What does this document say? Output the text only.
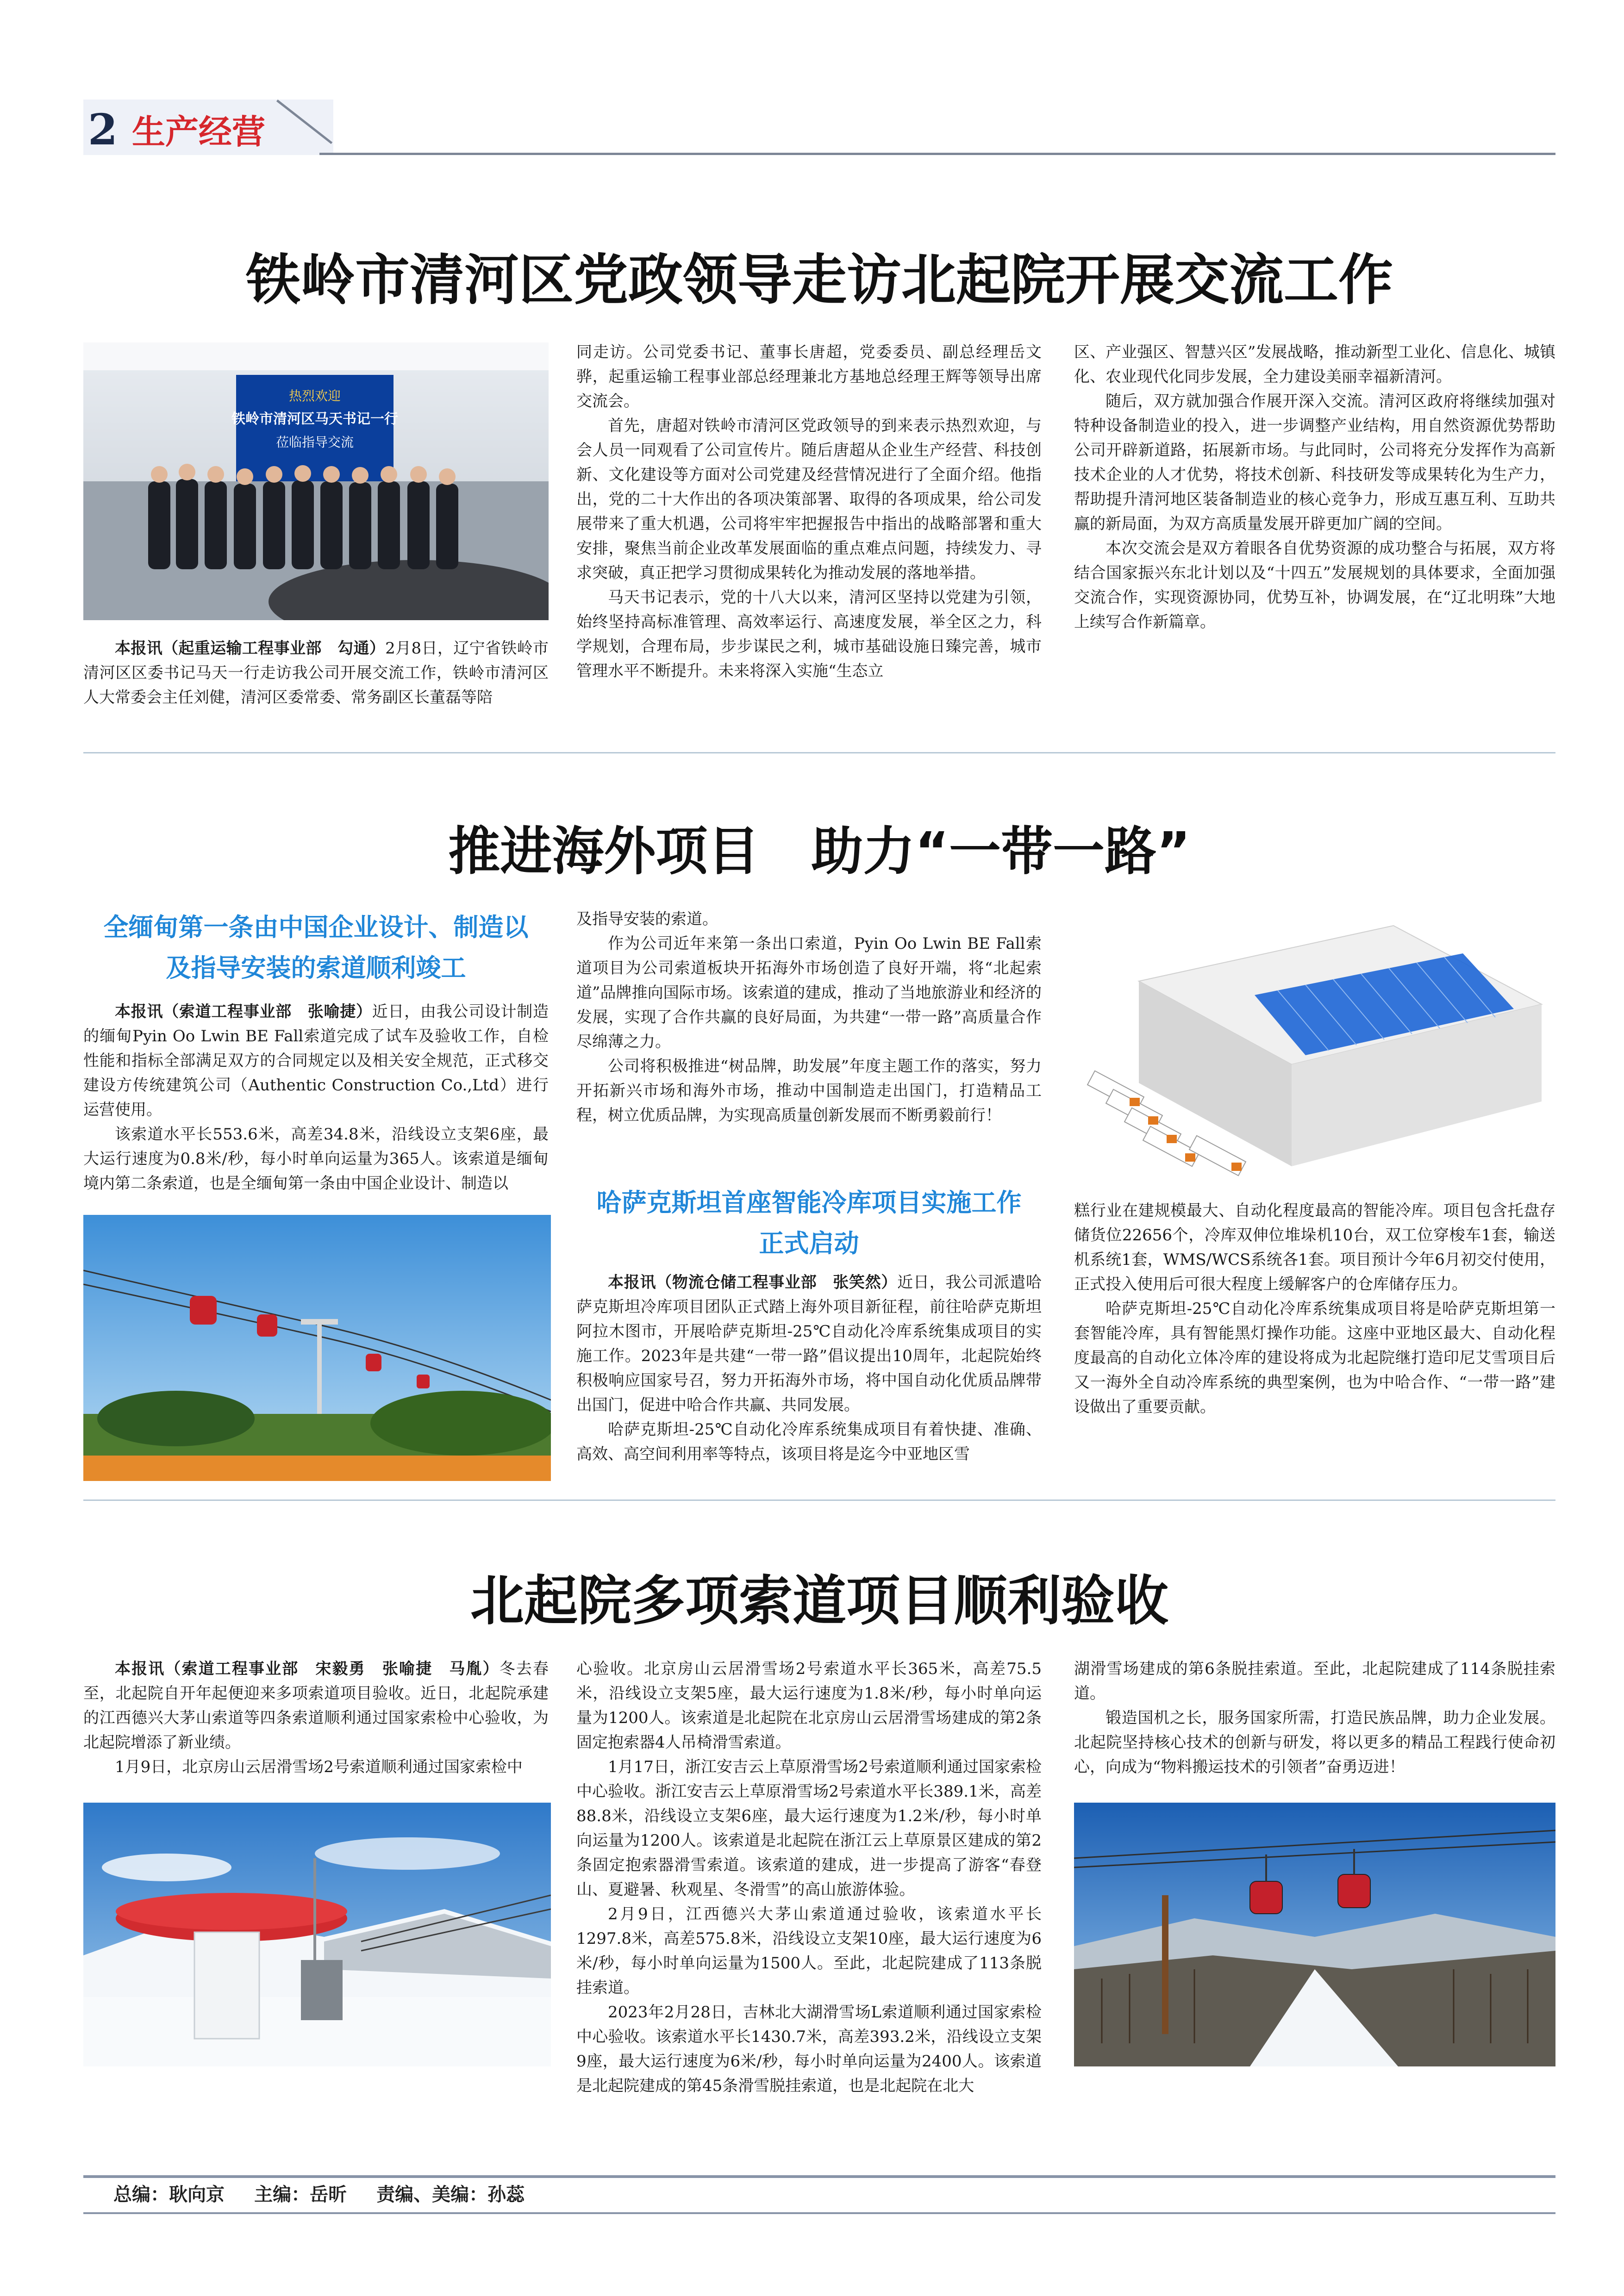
2 生产经营
铁岭市清河区党政领导走访北起院开展交流工作
热烈欢迎
铁岭市清河区马天书记一行
莅临指导交流

本报讯（起重运输工程事业部　勾通）2月8日，辽宁省铁岭市清河区区委书记马天一行走访我公司开展交流工作，铁岭市清河区人大常委会主任刘健，清河区委常委、常务副区长董磊等陪

同走访。公司党委书记、董事长唐超，党委委员、副总经理岳文骅，起重运输工程事业部总经理兼北方基地总经理王辉等领导出席交流会。

首先，唐超对铁岭市清河区党政领导的到来表示热烈欢迎，与会人员一同观看了公司宣传片。随后唐超从企业生产经营、科技创新、文化建设等方面对公司党建及经营情况进行了全面介绍。他指出，党的二十大作出的各项决策部署、取得的各项成果，给公司发展带来了重大机遇，公司将牢牢把握报告中指出的战略部署和重大安排，聚焦当前企业改革发展面临的重点难点问题，持续发力、寻求突破，真正把学习贯彻成果转化为推动发展的落地举措。

马天书记表示，党的十八大以来，清河区坚持以党建为引领，始终坚持高标准管理、高效率运行、高速度发展，举全区之力，科学规划，合理布局，步步谋民之利，城市基础设施日臻完善，城市管理水平不断提升。未来将深入实施“生态立

区、产业强区、智慧兴区”发展战略，推动新型工业化、信息化、城镇化、农业现代化同步发展，全力建设美丽幸福新清河。

随后，双方就加强合作展开深入交流。清河区政府将继续加强对特种设备制造业的投入，进一步调整产业结构，用自然资源优势帮助公司开辟新道路，拓展新市场。与此同时，公司将充分发挥作为高新技术企业的人才优势，将技术创新、科技研发等成果转化为生产力，帮助提升清河地区装备制造业的核心竞争力，形成互惠互利、互助共赢的新局面，为双方高质量发展开辟更加广阔的空间。

本次交流会是双方着眼各自优势资源的成功整合与拓展，双方将结合国家振兴东北计划以及“十四五”发展规划的具体要求，全面加强交流合作，实现资源协同，优势互补，协调发展，在“辽北明珠”大地上续写合作新篇章。

推进海外项目　助力“一带一路”
全缅甸第一条由中国企业设计、制造以
及指导安装的索道顺利竣工

本报讯（索道工程事业部　张喻捷）近日，由我公司设计制造的缅甸Pyin Oo Lwin BE Fall索道完成了试车及验收工作，自检性能和指标全部满足双方的合同规定以及相关安全规范，正式移交建设方传统建筑公司（Authentic Construction Co.,Ltd）进行运营使用。

该索道水平长553.6米，高差34.8米，沿线设立支架6座，最大运行速度为0.8米/秒，每小时单向运量为365人。该索道是缅甸境内第二条索道，也是全缅甸第一条由中国企业设计、制造以

及指导安装的索道。

作为公司近年来第一条出口索道，Pyin Oo Lwin BE Fall索道项目为公司索道板块开拓海外市场创造了良好开端，将“北起索道”品牌推向国际市场。该索道的建成，推动了当地旅游业和经济的发展，实现了合作共赢的良好局面，为共建“一带一路”高质量合作尽绵薄之力。

公司将积极推进“树品牌，助发展”年度主题工作的落实，努力开拓新兴市场和海外市场，推动中国制造走出国门，打造精品工程，树立优质品牌，为实现高质量创新发展而不断勇毅前行！

哈萨克斯坦首座智能冷库项目实施工作
正式启动

本报讯（物流仓储工程事业部　张笑然）近日，我公司派遣哈萨克斯坦冷库项目团队正式踏上海外项目新征程，前往哈萨克斯坦阿拉木图市，开展哈萨克斯坦-25℃自动化冷库系统集成项目的实施工作。2023年是共建“一带一路”倡议提出10周年，北起院始终积极响应国家号召，努力开拓海外市场，将中国自动化优质品牌带出国门，促进中哈合作共赢、共同发展。

哈萨克斯坦-25℃自动化冷库系统集成项目有着快捷、准确、高效、高空间利用率等特点，该项目将是迄今中亚地区雪

糕行业在建规模最大、自动化程度最高的智能冷库。项目包含托盘存储货位22656个，冷库双伸位堆垛机10台，双工位穿梭车1套，输送机系统1套，WMS/WCS系统各1套。项目预计今年6月初交付使用，正式投入使用后可很大程度上缓解客户的仓库储存压力。

哈萨克斯坦-25℃自动化冷库系统集成项目将是哈萨克斯坦第一套智能冷库，具有智能黑灯操作功能。这座中亚地区最大、自动化程度最高的自动化立体冷库的建设将成为北起院继打造印尼艾雪项目后又一海外全自动冷库系统的典型案例，也为中哈合作、“一带一路”建设做出了重要贡献。

北起院多项索道项目顺利验收

本报讯（索道工程事业部　宋毅勇　张喻捷　马胤）冬去春至，北起院自开年起便迎来多项索道项目验收。近日，北起院承建的江西德兴大茅山索道等四条索道顺利通过国家索检中心验收，为北起院增添了新业绩。

1月9日，北京房山云居滑雪场2号索道顺利通过国家索检中

心验收。北京房山云居滑雪场2号索道水平长365米，高差75.5米，沿线设立支架5座，最大运行速度为1.8米/秒，每小时单向运量为1200人。该索道是北起院在北京房山云居滑雪场建成的第2条固定抱索器4人吊椅滑雪索道。

1月17日，浙江安吉云上草原滑雪场2号索道顺利通过国家索检中心验收。浙江安吉云上草原滑雪场2号索道水平长389.1米，高差88.8米，沿线设立支架6座，最大运行速度为1.2米/秒，每小时单向运量为1200人。该索道是北起院在浙江云上草原景区建成的第2条固定抱索器滑雪索道。该索道的建成，进一步提高了游客“春登山、夏避暑、秋观星、冬滑雪”的高山旅游体验。

2月9日，江西德兴大茅山索道通过验收，该索道水平长1297.8米，高差575.8米，沿线设立支架10座，最大运行速度为6米/秒，每小时单向运量为1500人。至此，北起院建成了113条脱挂索道。

2023年2月28日，吉林北大湖滑雪场L索道顺利通过国家索检中心验收。该索道水平长1430.7米，高差393.2米，沿线设立支架9座，最大运行速度为6米/秒，每小时单向运量为2400人。该索道是北起院建成的第45条滑雪脱挂索道，也是北起院在北大

湖滑雪场建成的第6条脱挂索道。至此，北起院建成了114条脱挂索道。

锻造国机之长，服务国家所需，打造民族品牌，助力企业发展。北起院坚持核心技术的创新与研发，将以更多的精品工程践行使命初心，向成为“物料搬运技术的引领者”奋勇迈进！

总编：耿向京 主编：岳昕 责编、美编：孙蕊
